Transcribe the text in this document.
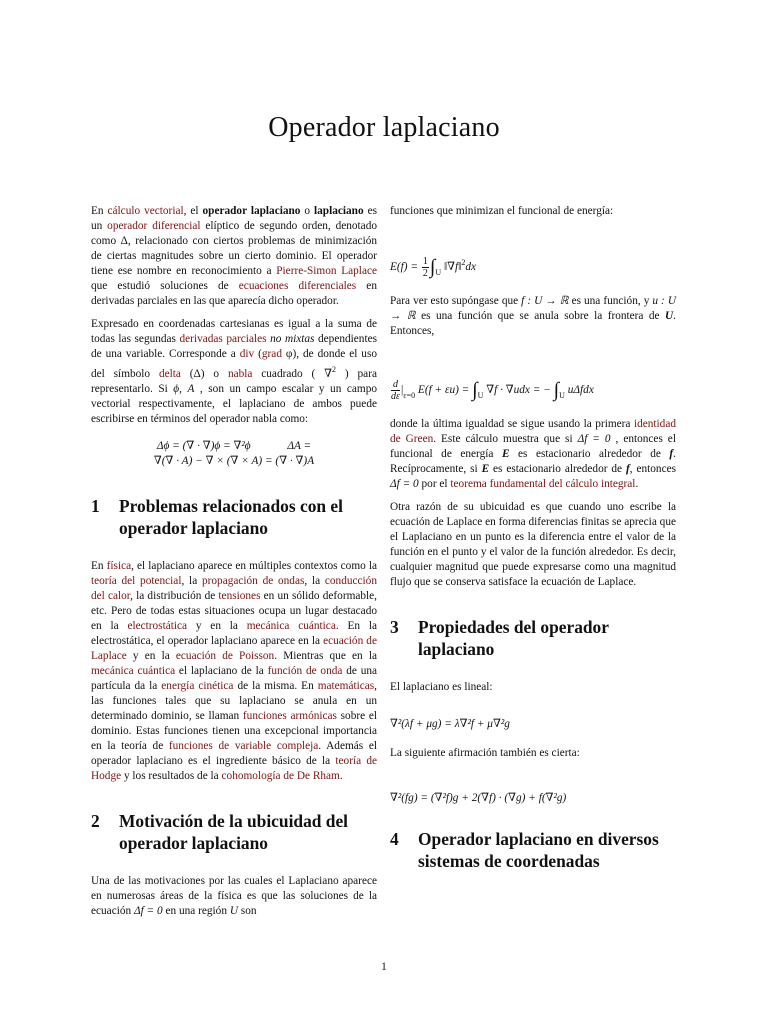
Operador laplaciano

En cálculo vectorial, el operador laplaciano o laplaciano es un operador diferencial elíptico de segundo orden, denotado como Δ, relacionado con ciertos problemas de minimización de ciertas magnitudes sobre un cierto dominio. El operador tiene ese nombre en reconocimiento a Pierre-Simon Laplace que estudió soluciones de ecuaciones diferenciales en derivadas parciales en las que aparecía dicho operador.

Expresado en coordenadas cartesianas es igual a la suma de todas las segundas derivadas parciales no mixtas dependientes de una variable. Corresponde a div (grad φ), de donde el uso del símbolo delta (Δ) o nabla cuadrado ( ∇$^2$ ) para representarlo. Si ϕ, A , son un campo escalar y un campo vectorial respectivamente, el laplaciano de ambos puede escribirse en términos del operador nabla como:

Δϕ = (∇ · ∇)ϕ = ∇²ϕ	ΔA =
∇(∇ · A) − ∇ × (∇ × A) = (∇ · ∇)A
1	Problemas relacionados con el operador laplaciano

En física, el laplaciano aparece en múltiples contextos como la teoría del potencial, la propagación de ondas, la conducción del calor, la distribución de tensiones en un sólido deformable, etc. Pero de todas estas situaciones ocupa un lugar destacado en la electrostática y en la mecánica cuántica. En la electrostática, el operador laplaciano aparece en la ecuación de Laplace y en la ecuación de Poisson. Mientras que en la mecánica cuántica el laplaciano de la función de onda de una partícula da la energía cinética de la misma. En matemáticas, las funciones tales que su laplaciano se anula en un determinado dominio, se llaman funciones armónicas sobre el dominio. Estas funciones tienen una excepcional importancia en la teoría de funciones de variable compleja. Además el operador laplaciano es el ingrediente básico de la teoría de Hodge y los resultados de la cohomología de De Rham.

2	Motivación de la ubicuidad del operador laplaciano

Una de las motivaciones por las cuales el Laplaciano aparece en numerosas áreas de la física es que las soluciones de la ecuación Δf = 0 en una región U son

funciones que minimizan el funcional de energía:

$E(f) = \frac{1}{2} \int_U$ ‖∇f‖$^2$dx

Para ver esto supóngase que f : U → ℝ es una función, y u : U → ℝ es una función que se anula sobre la frontera de U. Entonces,

$\frac{d}{d\varepsilon} |_{\varepsilon=0}$ $E(f + \varepsilon u) = \int_U$ ∇f · ∇udx = − $\int_U$ uΔfdx

donde la última igualdad se sigue usando la primera identidad de Green. Este cálculo muestra que si Δf = 0 , entonces el funcional de energía E es estacionario alrededor de f. Recíprocamente, si E es estacionario alrededor de f, entonces Δf = 0 por el teorema fundamental del cálculo integral.

Otra razón de su ubicuidad es que cuando uno escribe la ecuación de Laplace en forma diferencias finitas se aprecia que el Laplaciano en un punto es la diferencia entre el valor de la función en el punto y el valor de la función alrededor. Es decir, cualquier magnitud que puede expresarse como una magnitud flujo que se conserva satisface la ecuación de Laplace.

3	Propiedades del operador laplaciano

El laplaciano es lineal:

∇²(λf + μg) = λ∇²f + μ∇²g

La siguiente afirmación también es cierta:

∇²(fg) = (∇²f)g + 2(∇f) · (∇g) + f(∇²g)
4	Operador laplaciano en diversos sistemas de coordenadas
1
